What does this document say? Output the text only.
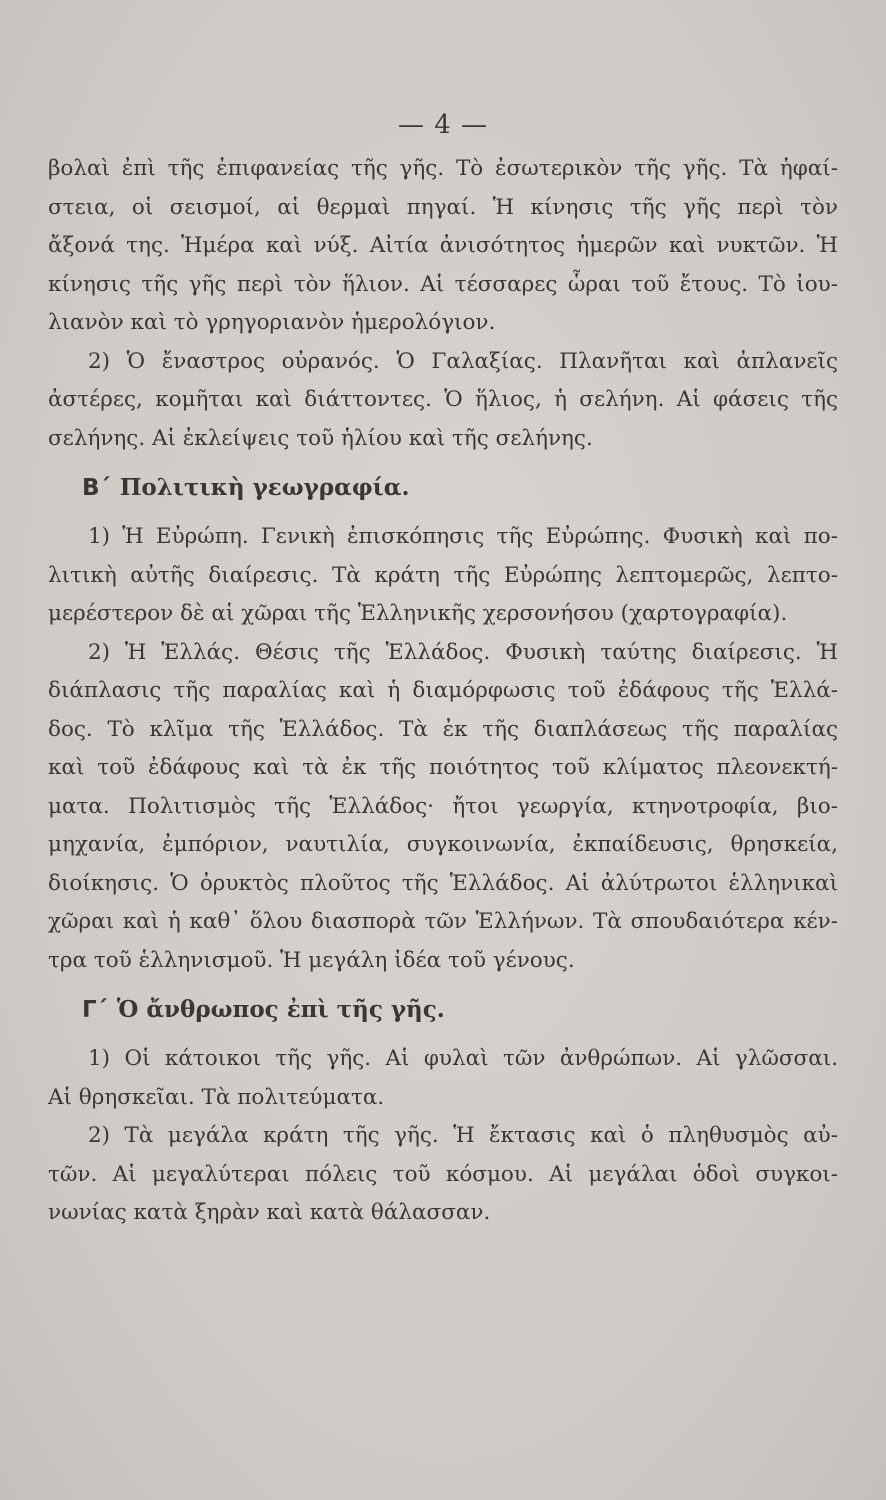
— 4 —
βολαὶ ἐπὶ τῆς ἐπιφανείας τῆς γῆς. Τὸ ἐσωτερικὸν τῆς γῆς. Τὰ ἡφαί-
στεια, οἱ σεισμοί, αἱ θερμαὶ πηγαί. Ἡ κίνησις τῆς γῆς περὶ τὸν
ἄξονά της. Ἡμέρα καὶ νύξ. Αἰτία ἀνισότητος ἡμερῶν καὶ νυκτῶν. Ἡ
κίνησις τῆς γῆς περὶ τὸν ἥλιον. Αἱ τέσσαρες ὧραι τοῦ ἔτους. Τὸ ἰου-
λιανὸν καὶ τὸ γρηγοριανὸν ἡμερολόγιον.
2) Ὁ ἔναστρος οὐρανός. Ὁ Γαλαξίας. Πλανῆται καὶ ἀπλανεῖς
ἀστέρες, κομῆται καὶ διάττοντες. Ὁ ἥλιος, ἡ σελήνη. Αἱ φάσεις τῆς
σελήνης. Αἱ ἐκλείψεις τοῦ ἡλίου καὶ τῆς σελήνης.
Β΄ Πολιτικὴ γεωγραφία.
1) Ἡ Εὐρώπη. Γενικὴ ἐπισκόπησις τῆς Εὐρώπης. Φυσικὴ καὶ πο-
λιτικὴ αὐτῆς διαίρεσις. Τὰ κράτη τῆς Εὐρώπης λεπτομερῶς, λεπτο-
μερέστερον δὲ αἱ χῶραι τῆς Ἑλληνικῆς χερσονήσου (χαρτογραφία).
2) Ἡ Ἑλλάς. Θέσις τῆς Ἑλλάδος. Φυσικὴ ταύτης διαίρεσις. Ἡ
διάπλασις τῆς παραλίας καὶ ἡ διαμόρφωσις τοῦ ἐδάφους τῆς Ἑλλά-
δος. Τὸ κλῖμα τῆς Ἑλλάδος. Τὰ ἐκ τῆς διαπλάσεως τῆς παραλίας
καὶ τοῦ ἐδάφους καὶ τὰ ἐκ τῆς ποιότητος τοῦ κλίματος πλεονεκτή-
ματα. Πολιτισμὸς τῆς Ἑλλάδος· ἤτοι γεωργία, κτηνοτροφία, βιο-
μηχανία, ἐμπόριον, ναυτιλία, συγκοινωνία, ἐκπαίδευσις, θρησκεία,
διοίκησις. Ὁ ὀρυκτὸς πλοῦτος τῆς Ἑλλάδος. Αἱ ἀλύτρωτοι ἑλληνικαὶ
χῶραι καὶ ἡ καθ᾽ ὅλου διασπορὰ τῶν Ἑλλήνων. Τὰ σπουδαιότερα κέν-
τρα τοῦ ἑλληνισμοῦ. Ἡ μεγάλη ἰδέα τοῦ γένους.
Γ΄ Ὁ ἄνθρωπος ἐπὶ τῆς γῆς.
1) Οἱ κάτοικοι τῆς γῆς. Αἱ φυλαὶ τῶν ἀνθρώπων. Αἱ γλῶσσαι.
Αἱ θρησκεῖαι. Τὰ πολιτεύματα.
2) Τὰ μεγάλα κράτη τῆς γῆς. Ἡ ἔκτασις καὶ ὁ πληθυσμὸς αὐ-
τῶν. Αἱ μεγαλύτεραι πόλεις τοῦ κόσμου. Αἱ μεγάλαι ὁδοὶ συγκοι-
νωνίας κατὰ ξηρὰν καὶ κατὰ θάλασσαν.
